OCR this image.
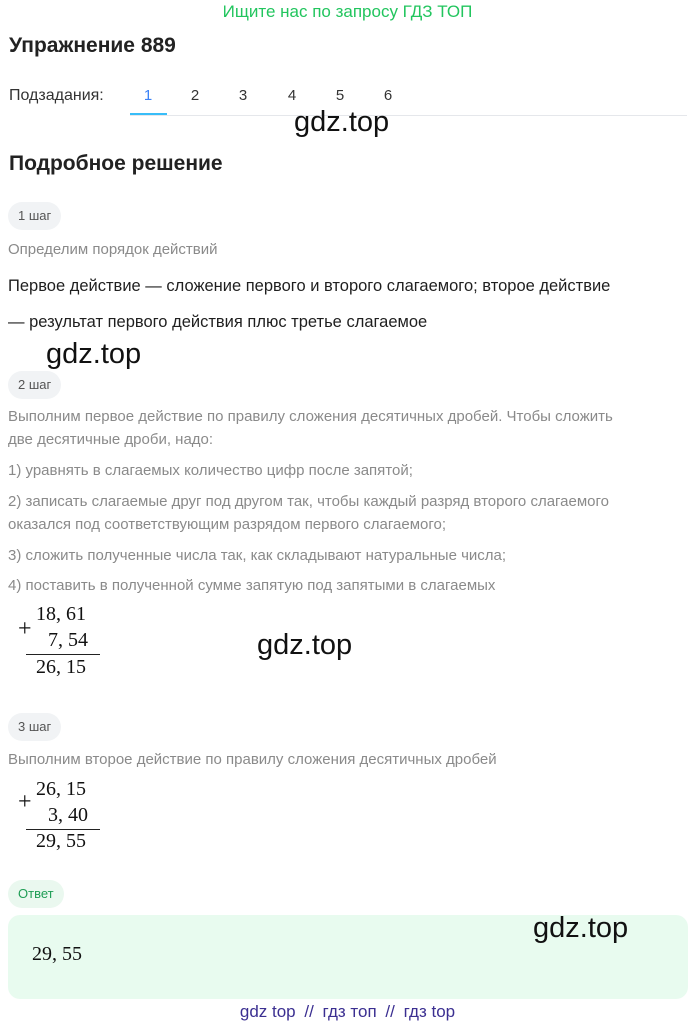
Ищите нас по запросу ГДЗ ТОП
Упражнение 889
Подзадания:	1	2	3	4	5	6
gdz.top
Подробное решение
1 шаг
Определим порядок действий
Первое действие — сложение первого и второго слагаемого; второе действие
— результат первого действия плюс третье слагаемое
gdz.top
2 шаг
Выполним первое действие по правилу сложения десятичных дробей. Чтобы сложить
две десятичные дроби, надо:
1) уравнять в слагаемых количество цифр после запятой;
2) записать слагаемые друг под другом так, чтобы каждый разряд второго слагаемого
оказался под соответствующим разрядом первого слагаемого;
3) сложить полученные числа так, как складывают натуральные числа;
4) поставить в полученной сумме запятую под запятыми в слагаемых
+
18, 61
7, 54
26, 15
gdz.top
3 шаг
Выполним второе действие по правилу сложения десятичных дробей
+ 26, 15
3, 40
29, 55
Ответ
29, 55
gdz.top
gdz top // гдз топ // гдз top
